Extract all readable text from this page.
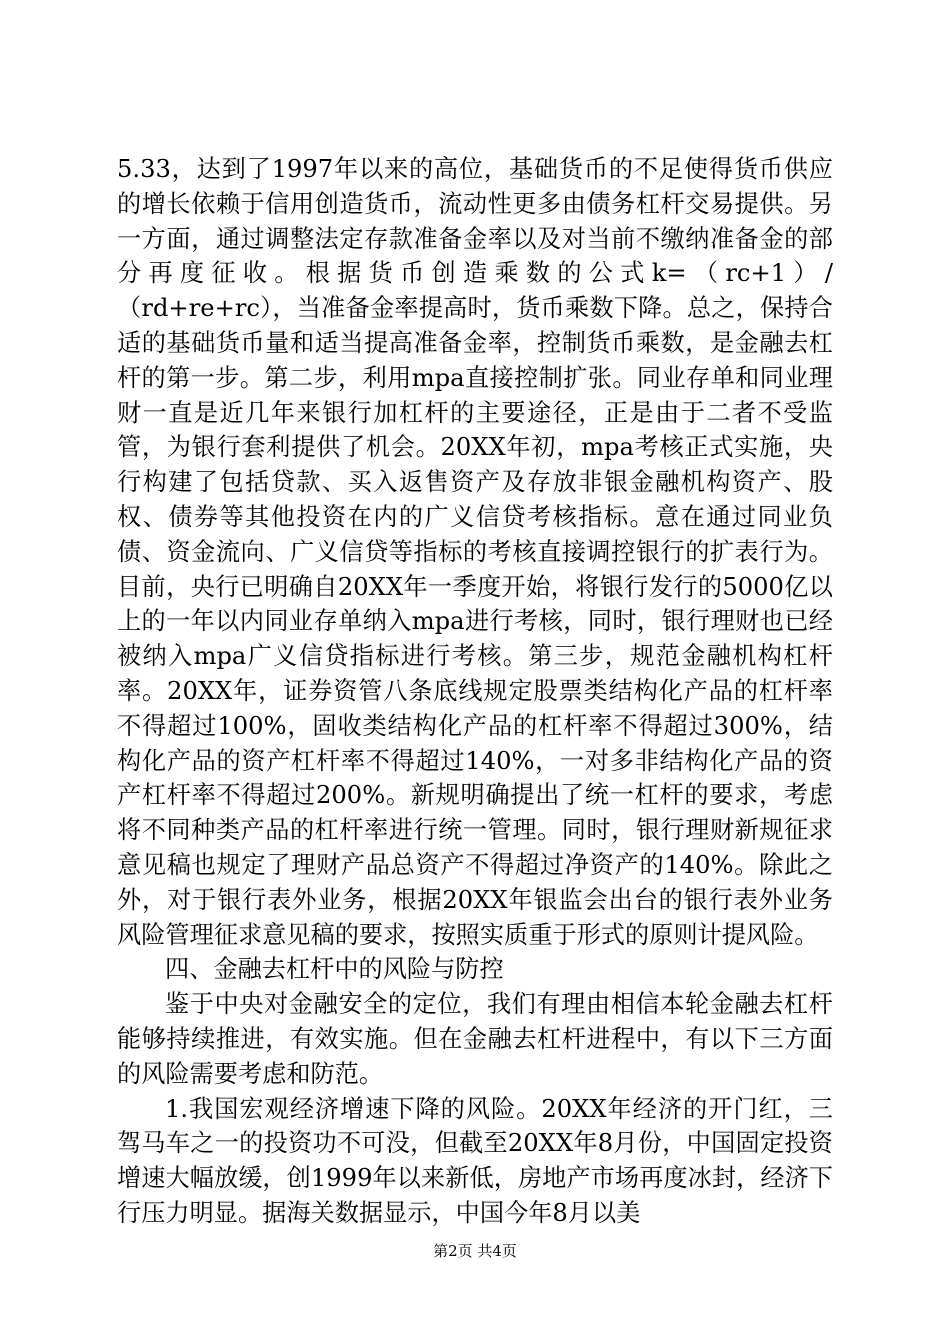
5.33，达到了1997年以来的高位，基础货币的不足使得货币供应的增长依赖于信用创造货币，流动性更多由债务杠杆交易提供。另一方面，通过调整法定存款准备金率以及对当前不缴纳准备金的部分再度征收。根据货币创造乘数的公式k=（rc+1）/（rd+re+rc），当准备金率提高时，货币乘数下降。总之，保持合适的基础货币量和适当提高准备金率，控制货币乘数，是金融去杠杆的第一步。第二步，利用mpa直接控制扩张。同业存单和同业理财一直是近几年来银行加杠杆的主要途径，正是由于二者不受监管，为银行套利提供了机会。20XX年初，mpa考核正式实施，央行构建了包括贷款、买入返售资产及存放非银金融机构资产、股权、债券等其他投资在内的广义信贷考核指标。意在通过同业负债、资金流向、广义信贷等指标的考核直接调控银行的扩表行为。目前，央行已明确自20XX年一季度开始，将银行发行的5000亿以上的一年以内同业存单纳入mpa进行考核，同时，银行理财也已经被纳入mpa广义信贷指标进行考核。第三步，规范金融机构杠杆率。20XX年，证券资管八条底线规定股票类结构化产品的杠杆率不得超过100%，固收类结构化产品的杠杆率不得超过300%，结构化产品的资产杠杆率不得超过140%，一对多非结构化产品的资产杠杆率不得超过200%。新规明确提出了统一杠杆的要求，考虑将不同种类产品的杠杆率进行统一管理。同时，银行理财新规征求意见稿也规定了理财产品总资产不得超过净资产的140%。除此之外，对于银行表外业务，根据20XX年银监会出台的银行表外业务风险管理征求意见稿的要求，按照实质重于形式的原则计提风险。

四、金融去杠杆中的风险与防控

鉴于中央对金融安全的定位，我们有理由相信本轮金融去杠杆能够持续推进，有效实施。但在金融去杠杆进程中，有以下三方面的风险需要考虑和防范。

1.我国宏观经济增速下降的风险。20XX年经济的开门红，三驾马车之一的投资功不可没，但截至20XX年8月份，中国固定投资增速大幅放缓，创1999年以来新低，房地产市场再度冰封，经济下行压力明显。据海关数据显示，中国今年8月以美

第2页 共4页
